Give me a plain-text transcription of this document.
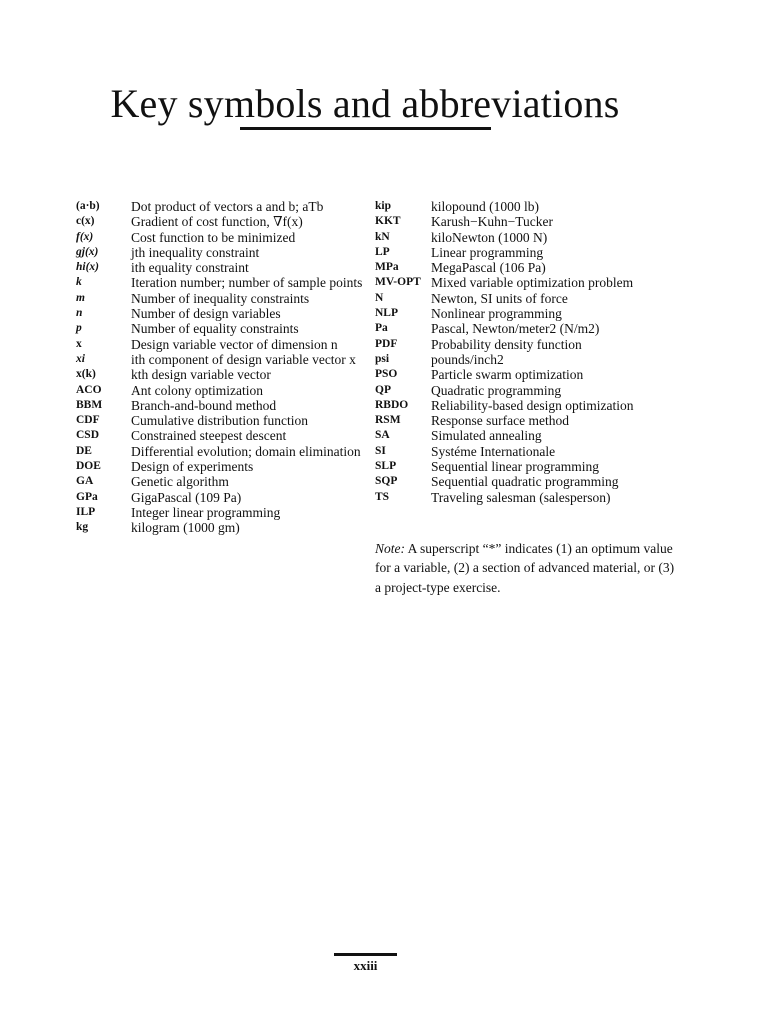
Key symbols and abbreviations
(a·b)	Dot product of vectors a and b; aTb
c(x)	Gradient of cost function, ∇f(x)
f(x)	Cost function to be minimized
gj(x)	jth inequality constraint
hi(x)	ith equality constraint
k	Iteration number; number of sample points
m	Number of inequality constraints
n	Number of design variables
p	Number of equality constraints
x	Design variable vector of dimension n
xi	ith component of design variable vector x
x(k)	kth design variable vector
ACO	Ant colony optimization
BBM	Branch-and-bound method
CDF	Cumulative distribution function
CSD	Constrained steepest descent
DE	Differential evolution; domain elimination
DOE	Design of experiments
GA	Genetic algorithm
GPa	GigaPascal (109 Pa)
ILP	Integer linear programming
kg	kilogram (1000 gm)
kip	kilopound (1000 lb)
KKT	Karush−Kuhn−Tucker
kN	kiloNewton (1000 N)
LP	Linear programming
MPa	MegaPascal (106 Pa)
MV-OPT Mixed variable optimization problem
N	Newton, SI units of force
NLP	Nonlinear programming
Pa	Pascal, Newton/meter2 (N/m2)
PDF	Probability density function
psi	pounds/inch2
PSO	Particle swarm optimization
QP	Quadratic programming
RBDO	Reliability-based design optimization
RSM	Response surface method
SA	Simulated annealing
SI	Systéme Internationale
SLP	Sequential linear programming
SQP	Sequential quadratic programming
TS	Traveling salesman (salesperson)

Note: A superscript “*” indicates (1) an optimum value for a variable, (2) a section of advanced material, or (3) a project-type exercise.

xxiii
